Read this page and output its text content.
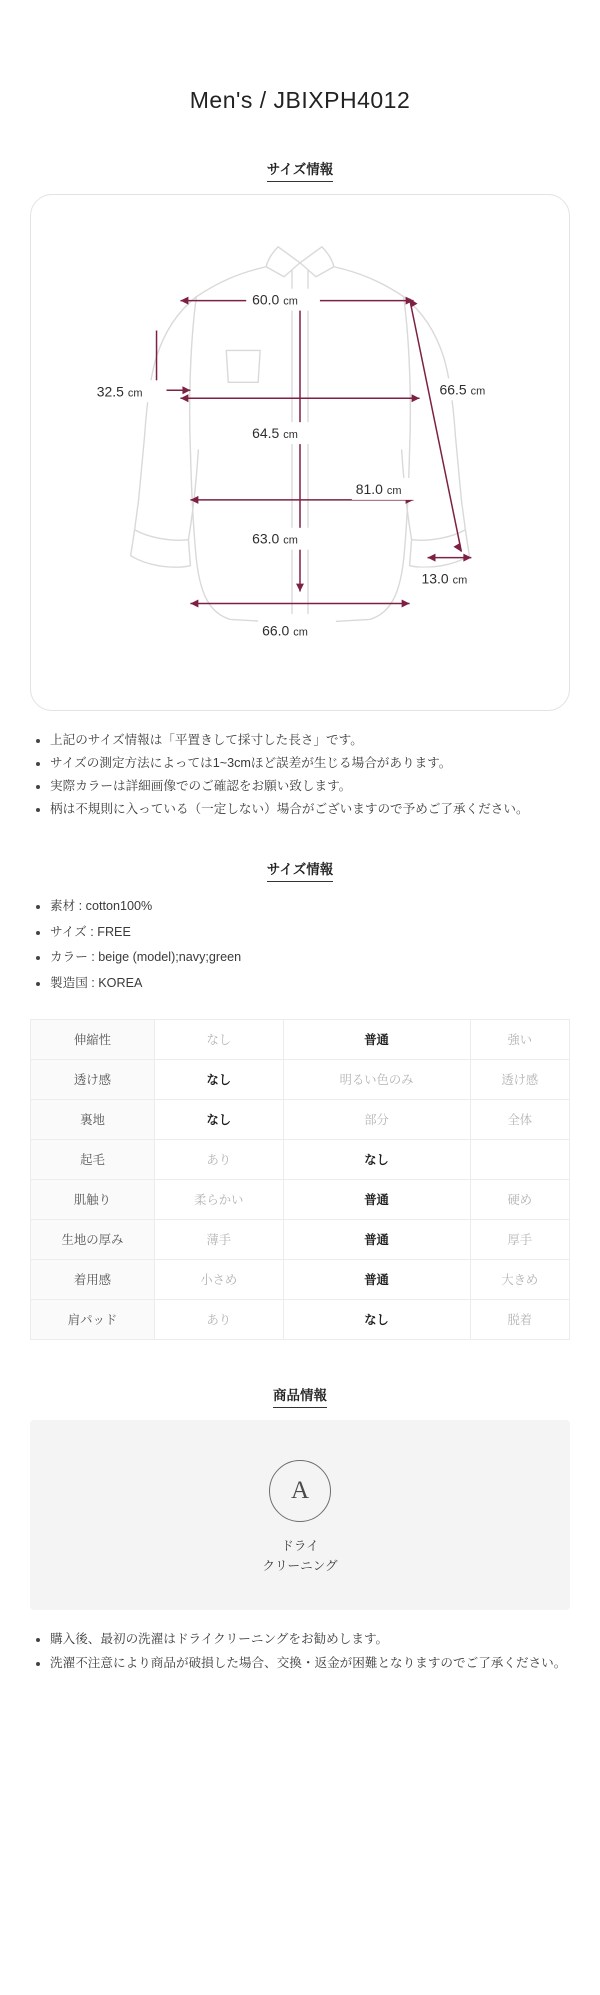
Men's / JBIXPH4012
サイズ情報
60.0 cm
66.5 cm
32.5 cm
64.5 cm
81.0 cm
63.0 cm
13.0 cm
66.0 cm
上記のサイズ情報は「平置きして採寸した長さ」です。
サイズの測定方法によっては1~3cmほど誤差が生じる場合があります。
実際カラーは詳細画像でのご確認をお願い致します。
柄は不規則に入っている（一定しない）場合がございますので予めご了承ください。
サイズ情報
素材 : cotton100%
サイズ : FREE
カラー : beige (model);navy;green
製造国 : KOREA
伸縮性	なし	普通	強い
透け感	なし	明るい色のみ	透け感
裏地	なし	部分	全体
起毛	あり	なし	
肌触り	柔らかい	普通	硬め
生地の厚み	薄手	普通	厚手
着用感	小さめ	普通	大きめ
肩パッド	あり	なし	脱着
商品情報
A
ドライ
クリーニング
購入後、最初の洗濯はドライクリーニングをお勧めします。
洗濯不注意により商品が破損した場合、交換・返金が困難となりますのでご了承ください。
